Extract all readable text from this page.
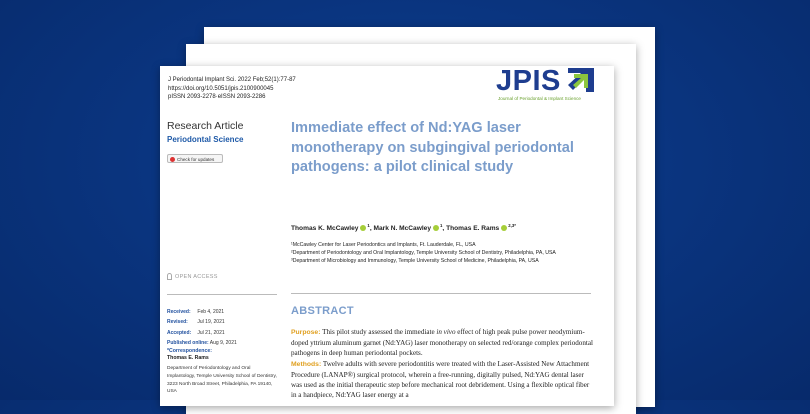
J Periodontal Implant Sci. 2022 Feb;52(1):77-87
https://doi.org/10.5051/jpis.2100900045
pISSN 2093-2278·eISSN 2093-2286	JPIS
Journal of Periodontal & Implant Science
Research Article
Periodontal Science
Check for updates
OPEN ACCESS
Received: Feb 4, 2021
Revised: Jul 19, 2021
Accepted: Jul 21, 2021
Published online: Aug 9, 2021
*Correspondence:
Thomas E. Rams
Department of Periodontology and Oral Implantology, Temple University School of Dentistry, 3223 North Broad Street, Philadelphia, PA 19140, USA
Immediate effect of Nd:YAG laser monotherapy on subgingival periodontal pathogens: a pilot clinical study
Thomas K. McCawley $^1$, Mark N. McCawley $^1$, Thomas E. Rams $^{2,3*}$
¹McCawley Center for Laser Periodontics and Implants, Ft. Lauderdale, FL, USA
²Department of Periodontology and Oral Implantology, Temple University School of Dentistry, Philadelphia, PA, USA
³Department of Microbiology and Immunology, Temple University School of Medicine, Philadelphia, PA, USA
ABSTRACT
Purpose: This pilot study assessed the immediate in vivo effect of high peak pulse power neodymium-doped yttrium aluminum garnet (Nd:YAG) laser monotherapy on selected red/orange complex periodontal pathogens in deep human periodontal pockets.
Methods: Twelve adults with severe periodontitis were treated with the Laser-Assisted New Attachment Procedure (LANAP®) surgical protocol, wherein a free-running, digitally pulsed, Nd:YAG dental laser was used as the initial therapeutic step before mechanical root debridement. Using a flexible optical fiber in a handpiece, Nd:YAG laser energy at a
